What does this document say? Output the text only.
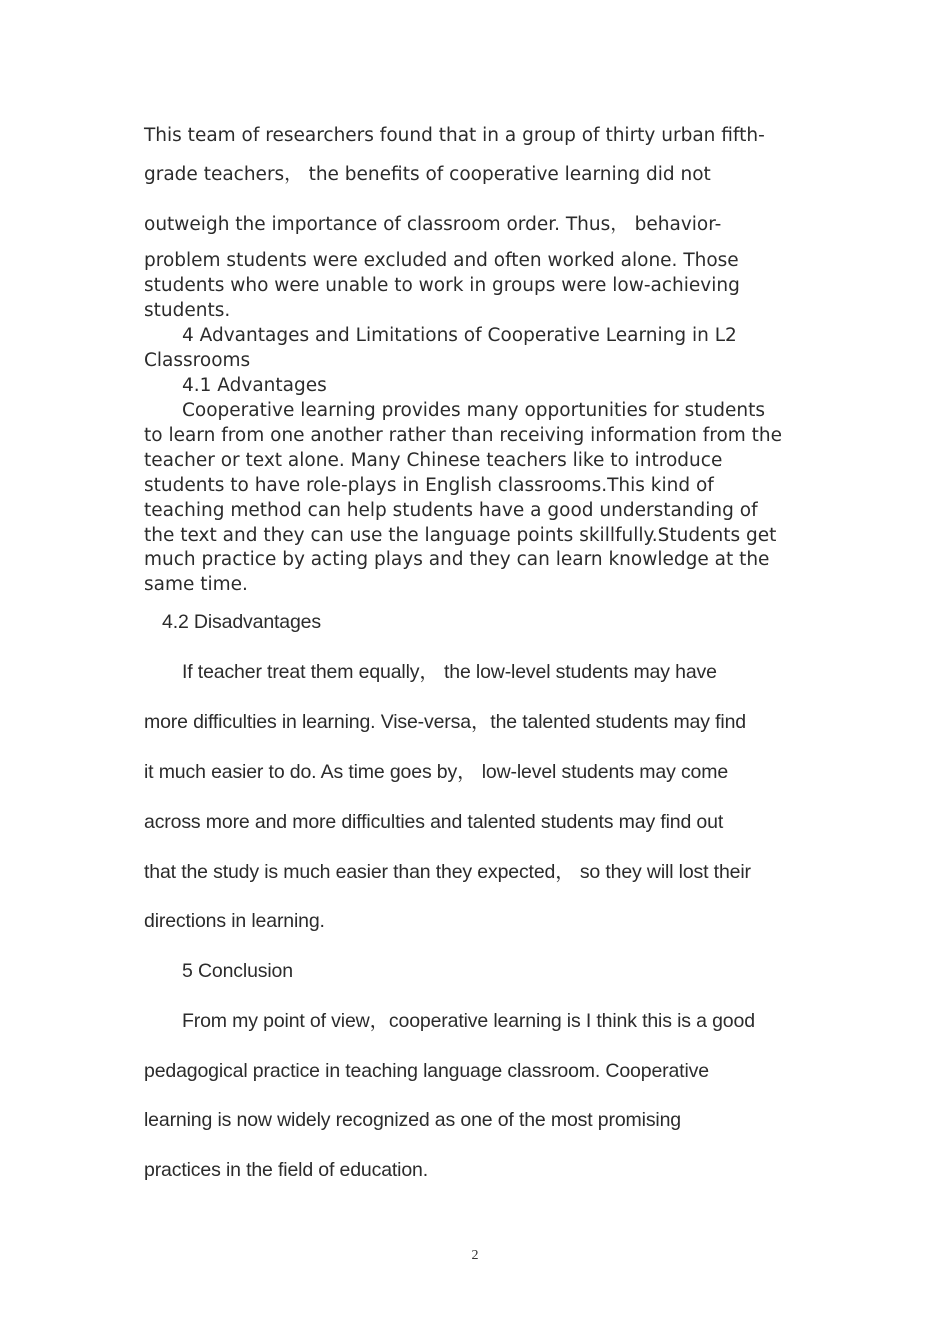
This team of researchers found that in a group of thirty urban fifth-

grade teachers， the benefits of cooperative learning did not

outweigh the importance of classroom order. Thus， behavior-

problem students were excluded and often worked alone. Those

students who were unable to work in groups were low-achieving

students.

4 Advantages and Limitations of Cooperative Learning in L2

Classrooms

4.1 Advantages

Cooperative learning provides many opportunities for students

to learn from one another rather than receiving information from the

teacher or text alone. Many Chinese teachers like to introduce

students to have role-plays in English classrooms.This kind of

teaching method can help students have a good understanding of

the text and they can use the language points skillfully.Students get

much practice by acting plays and they can learn knowledge at the

same time.

4.2 Disadvantages

If teacher treat them equally， the low-level students may have

more difficulties in learning. Vise-versa，the talented students may find

it much easier to do. As time goes by， low-level students may come

across more and more difficulties and talented students may find out

that the study is much easier than they expected， so they will lost their

directions in learning.

5 Conclusion

From my point of view，cooperative learning is I think this is a good

pedagogical practice in teaching language classroom. Cooperative

learning is now widely recognized as one of the most promising

practices in the field of education.

2
